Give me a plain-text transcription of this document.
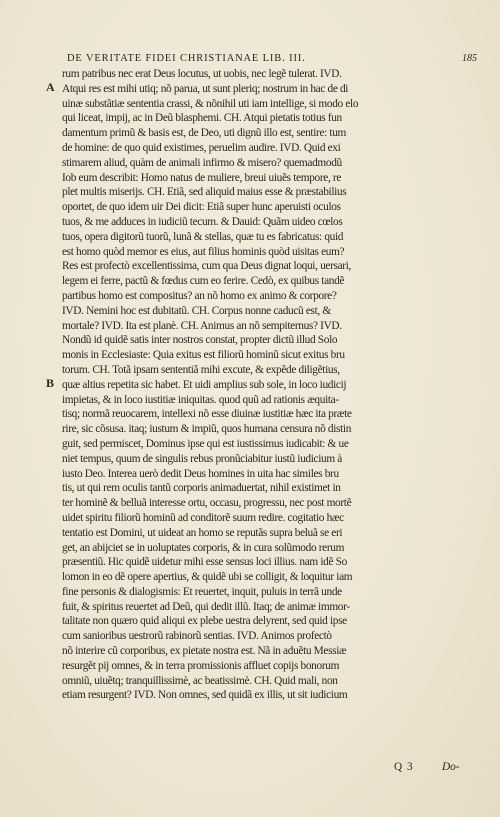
DE VERITATE FIDEI CHRISTIANAE LIB. III.	185
A
B
rum patribus nec erat Deus locutus, ut uobis, nec legẽ tulerat. IVD.
Atqui res est mihi utiq; nõ parua, ut sunt pleriq; nostrum in hac de di
uinæ substãtiæ sententia crassi, & nõnihil uti iam intellige, si modo elo
qui liceat, impij, ac in Deũ blasphemi. CH. Atqui pietatis totius fun
damentum primũ & basis est, de Deo, uti dignũ illo est, sentire: tum
de homine: de quo quid existimes, peruelim audire. IVD. Quid exi
stimarem aliud, quàm de animali infirmo & misero? quemadmodũ
Iob eum describit: Homo natus de muliere, breui uiuẽs tempore, re
plet multis miserijs. CH. Etiã, sed aliquid maius esse & præstabilius
oportet, de quo idem uir Dei dicit: Etiã super hunc aperuisti oculos
tuos, & me adduces in iudiciũ tecum. & Dauid: Quãm uideo cœlos
tuos, opera digitorũ tuorũ, lunã & stellas, quæ tu es fabricatus: quid
est homo quòd memor es eius, aut filius hominis quòd uisitas eum?
Res est profectò excellentissima, cum qua Deus dignat loqui, uersari,
legem ei ferre, pactũ & fœdus cum eo ferire. Cedò, ex quibus tandẽ
partibus homo est compositus? an nõ homo ex animo & corpore?
IVD. Nemini hoc est dubitatũ. CH. Corpus nonne caducũ est, &
mortale? IVD. Ita est planè. CH. Animus an nõ sempiternus? IVD.
Nondũ id quidẽ satis inter nostros constat, propter dictũ illud Solo
monis in Ecclesiaste: Quia exitus est filiorũ hominũ sicut exitus bru
torum. CH. Totã ipsam sententiã mihi excute, & expẽde diligẽtius,
quæ altius repetita sic habet. Et uidi amplius sub sole, in loco iudicij
impietas, & in loco iustitiæ iniquitas. quod quũ ad rationis æquita-
tisq; normã reuocarem, intellexi nõ esse diuinæ iustitiæ hæc ita præte
rire, sic cõsusa. itaq; iustum & impiũ, quos humana censura nõ distin
guit, sed permiscet, Dominus ipse qui est iustissimus iudicabit: & ue
niet tempus, quum de singulis rebus pronũciabitur iustũ iudicium à
iusto Deo. Interea uerò dedit Deus homines in uita hac similes bru
tis, ut qui rem oculis tantũ corporis animaduertat, nihil existimet in
ter hominẽ & belluã interesse ortu, occasu, progressu, nec post mortẽ
uidet spiritu filiorũ hominũ ad conditorẽ suum redire. cogitatio hæc
tentatio est Domini, ut uideat an homo se reputãs supra beluã se eri
get, an abijciet se in uoluptates corporis, & in cura solũmodo rerum
præsentiũ. Hic quidẽ uidetur mihi esse sensus loci illius. nam idẽ So
lomon in eo dẽ opere apertius, & quidẽ ubi se colligit, & loquitur iam
fine personis & dialogismis: Et reuertet, inquit, puluis in terrã unde
fuit, & spiritus reuertet ad Deũ, qui dedit illũ. Itaq; de animæ immor-
talitate non quæro quid aliqui ex plebe uestra delyrent, sed quid ipse
cum sanioribus uestrorũ rabinorũ sentias. IVD. Animos profectò
nõ interire cũ corporibus, ex pietate nostra est. Nã in aduẽtu Messiæ
resurgẽt pij omnes, & in terra promissionis affluet copijs bonorum
omniũ, uiuẽtq; tranquillissimè, ac beatissimè. CH. Quid mali, non
etiam resurgent? IVD. Non omnes, sed quidã ex illis, ut sit iudicium
Q 3	Do-
